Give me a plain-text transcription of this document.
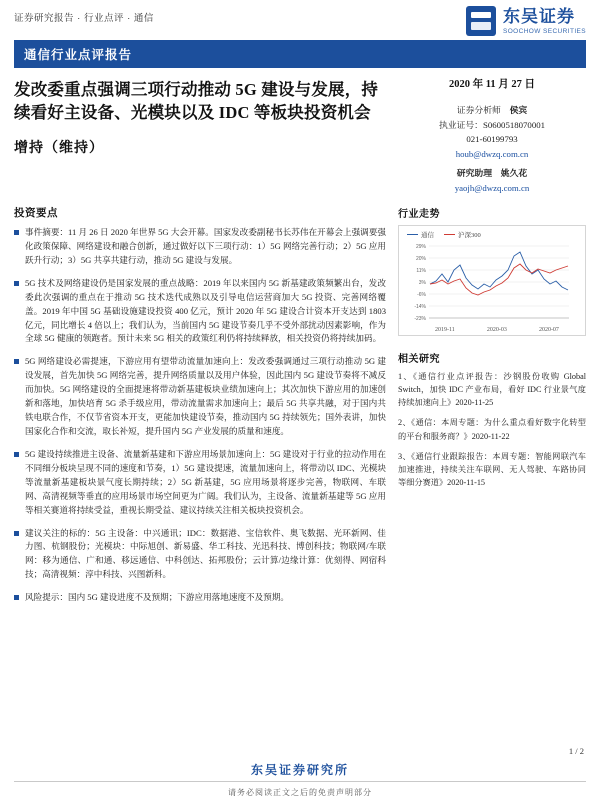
证券研究报告 · 行业点评 · 通信	东吴证券
SOOCHOW SECURITIES
通信行业点评报告
发改委重点强调三项行动推动 5G 建设与发展，持续看好主设备、光模块以及 IDC 等板块投资机会
增持（维持）
2020 年 11 月 27 日
证券分析师 侯宾
执业证号：S0600518070001
021-60199793
houb@dwzq.com.cn
研究助理 姚久花
yaojh@dwzq.com.cn
投资要点
事件摘要：11 月 26 日 2020 年世界 5G 大会开幕。国家发改委副秘书长苏伟在开幕会上强调要强化政策保障、网络建设和融合创新，通过做好以下三项行动：1）5G 网络完善行动；2）5G 应用跃升行动；3）5G 共享共建行动，推动 5G 建设与发展。
5G 技术及网络建设仍是国家发展的重点战略：2019 年以来国内 5G 新基建政策频繁出台，发改委此次强调的重点在于推动 5G 技术迭代成熟以及引导电信运营商加大 5G 投资、完善网络覆盖。2019 年中国 5G 基础设施建设投资 400 亿元，预计 2020 年 5G 建设合计资本开支达到 1803 亿元，同比增长 4 倍以上；我们认为，当前国内 5G 建设节奏几乎不受外部扰动因素影响，作为全球 5G 健康的领跑者。预计未来 5G 相关的政策红利仍将持续释放，相关投资仍将持续加码。
5G 网络建设必需提速，下游应用有望带动流量加速向上：发改委强调通过三项行动推动 5G 建设发展，首先加快 5G 网络完善，提升网络质量以及用户体验，因此国内 5G 建设节奏将不减反而加快。5G 网络建设的全面提速将带动新基建板块业绩加速向上；其次加快下游应用的加速创新和落地，加快培育 5G 杀手级应用，带动流量需求加速向上；最后 5G 共享共融，对于国内共铁电联合作，不仅节省资本开支，更能加快建设节奏，推动国内 5G 持续领先；国外表讲，加快国家化合作和交流，取长补短，提升国内 5G 产业发展的质量和速度。
5G 建设持续推进主设备、流量新基建和下游应用场景加速向上：5G 建设对于行业的拉动作用在不同细分板块呈现不同的速度和节奏，1）5G 建设提速，流量加速向上，将带动以 IDC、光模块等流量新基建板块景气度长期持续；2）5G 新基建，5G 应用场景将逐步完善，物联网、车联网、高清视频等垂直的应用场景市场空间更为广阔。我们认为，主设备、流量新基建等 5G 应用等相关赛道将持续受益，重视长期受益、建议持续关注相关板块投资机会。
建议关注的标的：5G 主设备：中兴通讯；IDC：数据港、宝信软件、奥飞数据、光环新网、佳力图、杭钢股份；光模块：中际旭创、新易盛、华工科技、光迅科技、博创科技；物联网/车联网：移为通信、广和通、移远通信、中科创达、拓邦股份；云计算/边缘计算：优刻得、网宿科技；高清视频：淳中科技、兴图新科。
风险提示：国内 5G 建设进度不及预期；下游应用落地速度不及预期。
行业走势
通信	沪深300
29%
20%
11%
3%
-6%
-14%
-23%
2019-11	2020-03	2020-07
相关研究
1、《通信行业点评报告：沙钢股份收购 Global Switch，加快 IDC 产业布局，看好 IDC 行业景气度持续加速向上》2020-11-25
2、《通信：本周专题：为什么重点看好数字化转型的平台和服务商？》2020-11-22
3、《通信行业跟踪报告：本周专题：智能网联汽车加速推进，持续关注车联网、无人驾驶、车路协同等细分赛道》2020-11-15
1 / 2
东吴证券研究所
请务必阅读正文之后的免责声明部分
